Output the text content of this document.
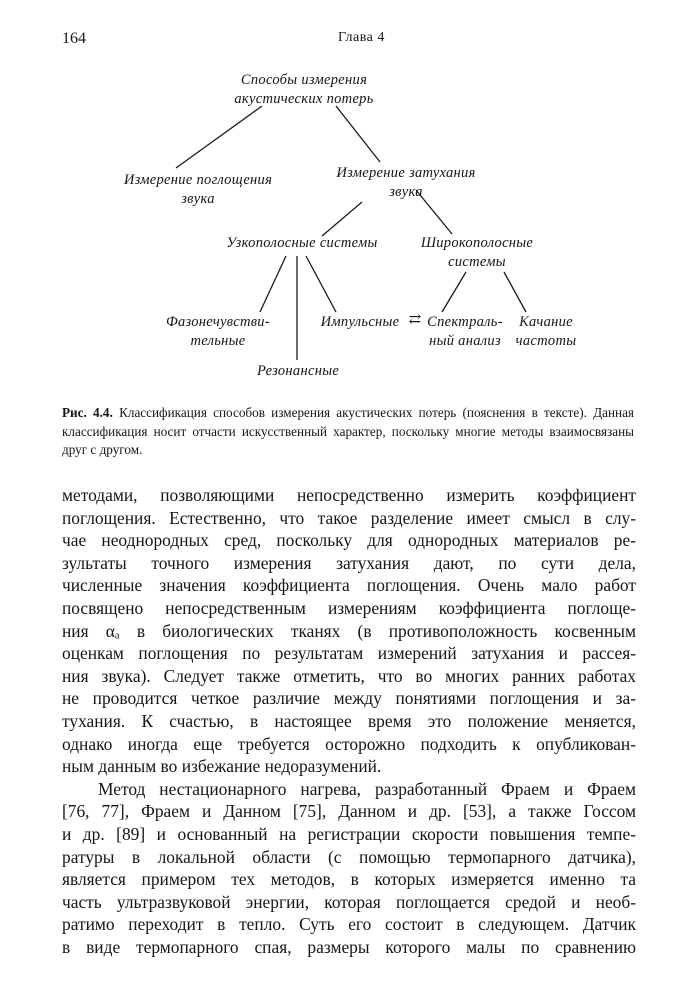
164	Глава 4
Способы измерения
акустических потерь
Измерение поглощения
звука
Измерение затухания
звука
Узкополосные системы	Широкополосные
системы
Фазонечувстви-
тельные
Импульсные ⇄ Спектраль-
ный анализ
Качание
частоты
Резонансные
Рис. 4.4. Классификация способов измерения акустических потерь (пояснения в тексте). Данная классификация носит отчасти искусственный характер, поскольку многие методы взаимосвязаны друг с другом.
методами, позволяющими непосредственно измерить коэффициент
поглощения. Естественно, что такое разделение имеет смысл в слу-
чае неоднородных сред, поскольку для однородных материалов ре-
зультаты точного измерения затухания дают, по сути дела,
численные значения коэффициента поглощения. Очень мало работ
посвящено непосредственным измерениям коэффициента поглоще-
ния αₐ в биологических тканях (в противоположность косвенным
оценкам поглощения по результатам измерений затухания и рассея-
ния звука). Следует также отметить, что во многих ранних работах
не проводится четкое различие между понятиями поглощения и за-
тухания. К счастью, в настоящее время это положение меняется,
однако иногда еще требуется осторожно подходить к опубликован-
ным данным во избежание недоразумений.
Метод нестационарного нагрева, разработанный Фраем и Фраем
[76, 77], Фраем и Данном [75], Данном и др. [53], а также Госсом
и др. [89] и основанный на регистрации скорости повышения темпе-
ратуры в локальной области (с помощью термопарного датчика),
является примером тех методов, в которых измеряется именно та
часть ультразвуковой энергии, которая поглощается средой и необ-
ратимо переходит в тепло. Суть его состоит в следующем. Датчик
в виде термопарного спая, размеры которого малы по сравнению
